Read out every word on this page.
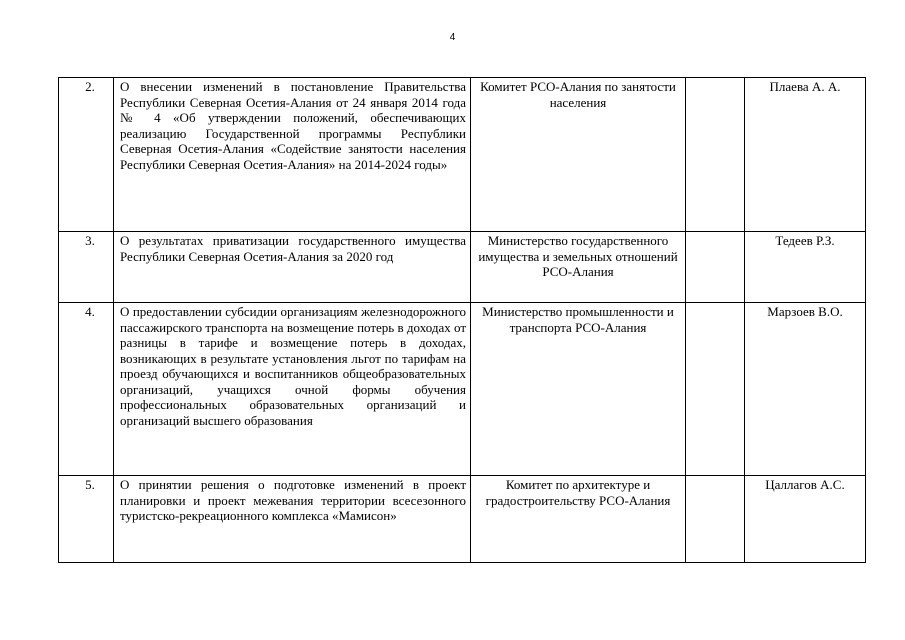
4
2.	О внесении изменений в постановление Правительства Республики Северная Осетия-Алания от 24 января 2014 года № 4 «Об утверждении положений, обеспечивающих реализацию Государственной программы Республики Северная Осетия-Алания «Содействие занятости населения Республики Северная Осетия-Алания» на 2014-2024 годы»	Комитет РСО-Алания по занятости населения		Плаева А. А.
3.	О результатах приватизации государственного имущества Республики Северная Осетия-Алания за 2020 год	Министерство государственного имущества и земельных отношений РСО-Алания		Тедеев Р.З.
4.	О предоставлении субсидии организациям железнодорожного пассажирского транспорта на возмещение потерь в доходах от разницы в тарифе и возмещение потерь в доходах, возникающих в результате установления льгот по тарифам на проезд обучающихся и воспитанников общеобразовательных организаций, учащихся очной формы обучения профессиональных образовательных организаций и организаций высшего образования	Министерство промышленности и транспорта РСО-Алания		Марзоев В.О.
5.	О принятии решения о подготовке изменений в проект планировки и проект межевания территории всесезонного туристско-рекреационного комплекса «Мамисон»	Комитет по архитектуре и градостроительству РСО-Алания		Цаллагов А.С.
